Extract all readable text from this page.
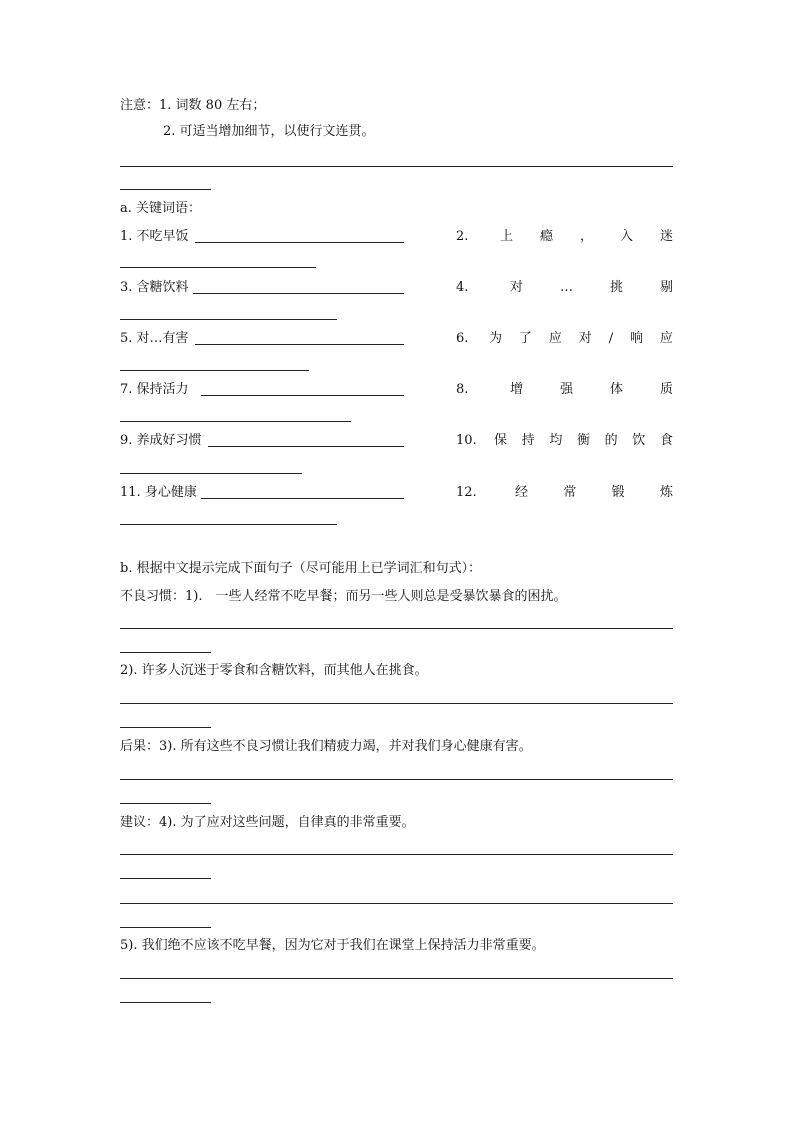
注意：1. 词数 80 左右；
2. 可适当增加细节，以使行文连贯。
a. 关键词语：
1. 不吃早饭	2. 上 瘾 ， 入 迷
3. 含糖饮料	4.	对	…	挑	剔
5. 对…有害	6. 为 了 应 对 / 响 应
7. 保持活力	8.	增	强	体	质
9. 养成好习惯	10. 保 持 均 衡 的 饮 食
11. 身心健康	12.	经	常	锻	炼
b. 根据中文提示完成下面句子（尽可能用上已学词汇和句式）：
不良习惯：1).　一些人经常不吃早餐；而另一些人则总是受暴饮暴食的困扰。
2). 许多人沉迷于零食和含糖饮料，而其他人在挑食。
后果：3). 所有这些不良习惯让我们精疲力竭，并对我们身心健康有害。
建议：4). 为了应对这些问题，自律真的非常重要。
5). 我们绝不应该不吃早餐，因为它对于我们在课堂上保持活力非常重要。
